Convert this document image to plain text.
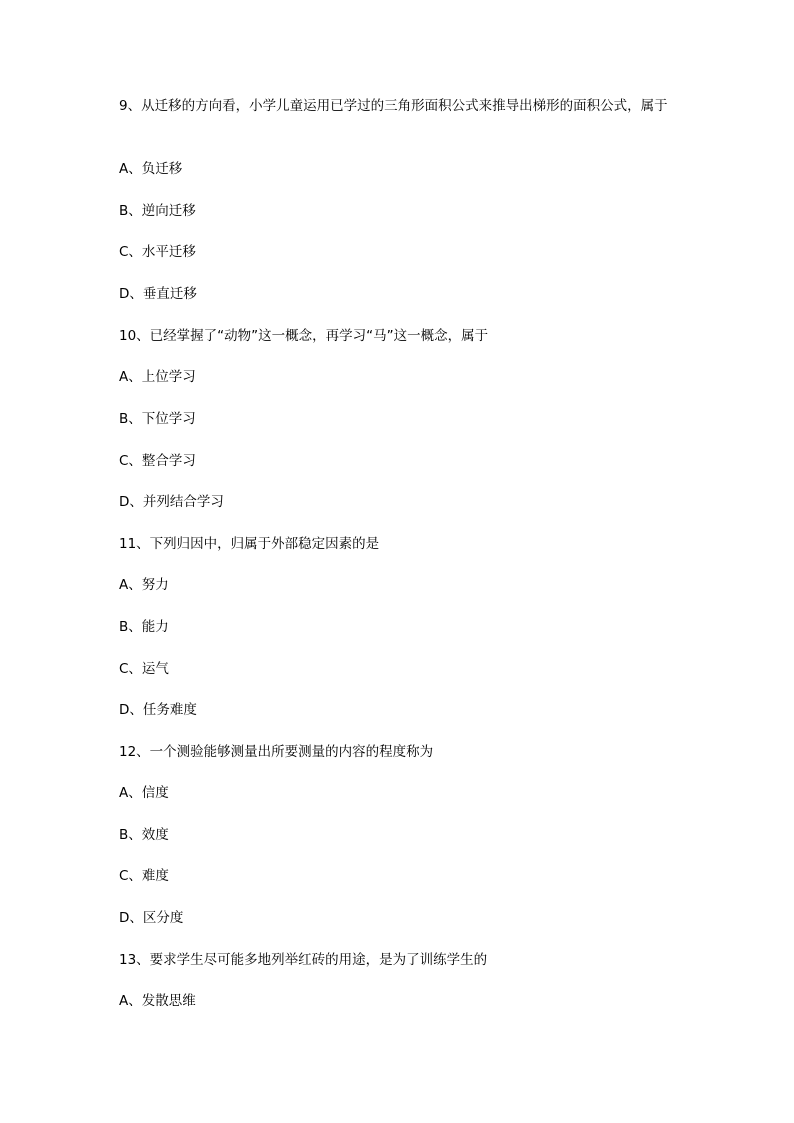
9、从迁移的方向看，小学儿童运用已学过的三角形面积公式来推导出梯形的面积公式，属于
A、负迁移
B、逆向迁移
C、水平迁移
D、垂直迁移
10、已经掌握了“动物”这一概念，再学习“马”这一概念，属于
A、上位学习
B、下位学习
C、整合学习
D、并列结合学习
11、下列归因中，归属于外部稳定因素的是
A、努力
B、能力
C、运气
D、任务难度
12、一个测验能够测量出所要测量的内容的程度称为
A、信度
B、效度
C、难度
D、区分度
13、要求学生尽可能多地列举红砖的用途，是为了训练学生的
A、发散思维
